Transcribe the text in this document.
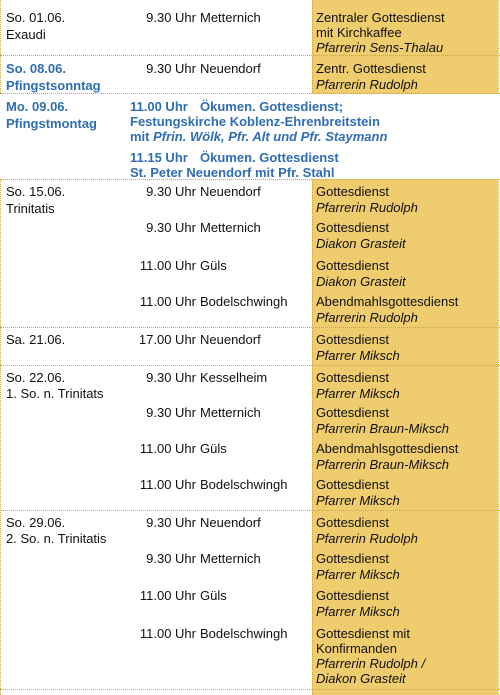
So. 01.06.
Exaudi
9.30 Uhr Metternich	Zentraler Gottesdienst
mit Kirchkaffee
Pfarrerin Sens-Thalau
So. 08.06.
Pfingstsonntag
9.30 Uhr Neuendorf	Zentr. Gottesdienst
Pfarrerin Rudolph
Mo. 09.06.
Pfingstmontag
11.00 Uhr Ökumen. Gottesdienst;
Festungskirche Koblenz-Ehrenbreitstein
mit Pfrin. Wölk, Pfr. Alt und Pfr. Staymann
11.15 Uhr Ökumen. Gottesdienst
St. Peter Neuendorf mit Pfr. Stahl
So. 15.06.
Trinitatis
9.30 Uhr Neuendorf	Gottesdienst
Pfarrerin Rudolph
9.30 Uhr Metternich	Gottesdienst
Diakon Grasteit
11.00 Uhr Güls	Gottesdienst
Diakon Grasteit
11.00 Uhr Bodelschwingh Abendmahlsgottesdienst
Pfarrerin Rudolph
Sa. 21.06.	17.00 Uhr Neuendorf	Gottesdienst
Pfarrer Miksch
So. 22.06.
1. So. n. Trinitats
9.30 Uhr Kesselheim	Gottesdienst
Pfarrer Miksch
9.30 Uhr Metternich	Gottesdienst
Pfarrerin Braun-Miksch
11.00 Uhr Güls	Abendmahlsgottesdienst
Pfarrerin Braun-Miksch
11.00 Uhr Bodelschwingh Gottesdienst
Pfarrer Miksch
So. 29.06.
2. So. n. Trinitatis
9.30 Uhr Neuendorf	Gottesdienst
Pfarrerin Rudolph
9.30 Uhr Metternich	Gottesdienst
Pfarrer Miksch
11.00 Uhr Güls	Gottesdienst
Pfarrer Miksch
11.00 Uhr Bodelschwingh Gottesdienst mit
Konfirmanden
Pfarrerin Rudolph /
Diakon Grasteit
